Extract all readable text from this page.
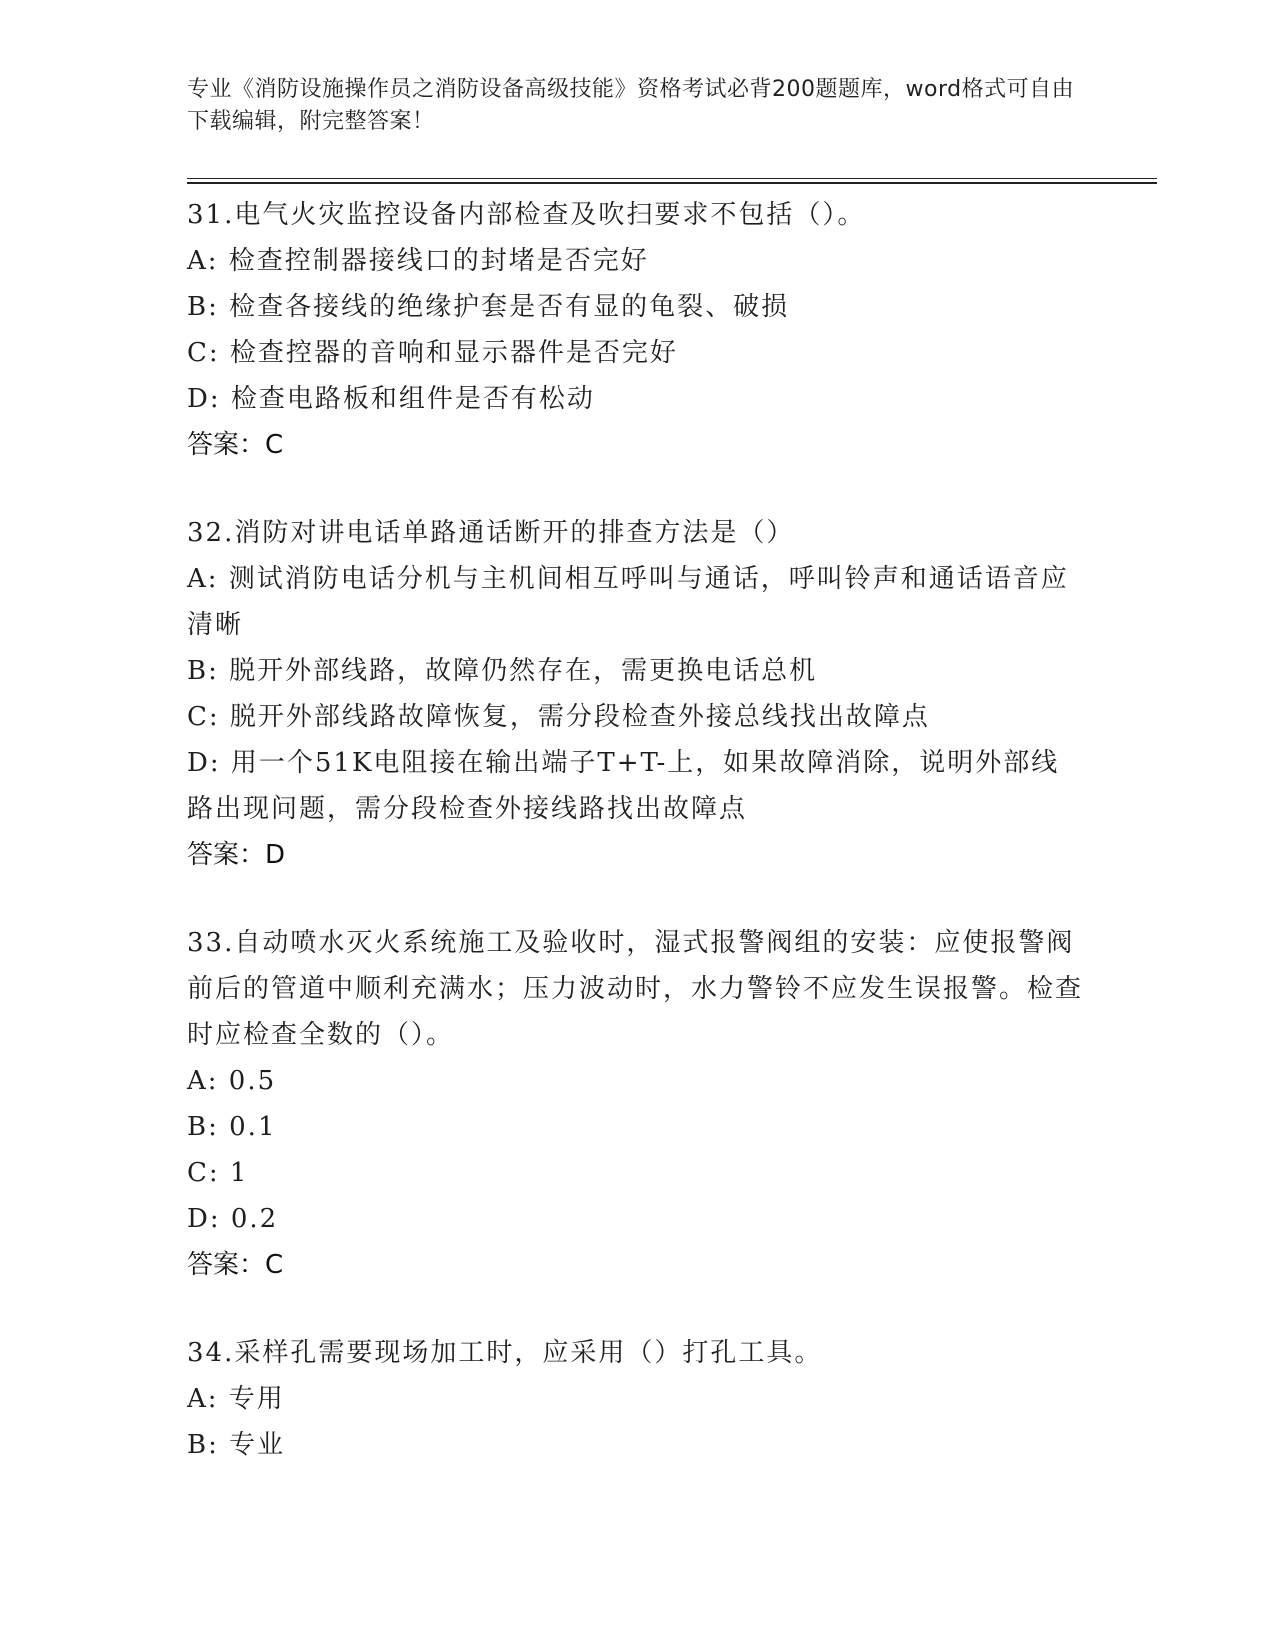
专业《消防设施操作员之消防设备高级技能》资格考试必背200题题库，word格式可自由下载编辑，附完整答案！
31.电气火灾监控设备内部检查及吹扫要求不包括（）。
A: 检查控制器接线口的封堵是否完好
B: 检查各接线的绝缘护套是否有显的龟裂、破损
C: 检查控器的音响和显示器件是否完好
D: 检查电路板和组件是否有松动
答案：C
32.消防对讲电话单路通话断开的排查方法是（）
A: 测试消防电话分机与主机间相互呼叫与通话，呼叫铃声和通话语音应清晰
B: 脱开外部线路，故障仍然存在，需更换电话总机
C: 脱开外部线路故障恢复，需分段检查外接总线找出故障点
D: 用一个51K电阻接在输出端子T+T-上，如果故障消除，说明外部线路出现问题，需分段检查外接线路找出故障点
答案：D
33.自动喷水灭火系统施工及验收时，湿式报警阀组的安装：应使报警阀前后的管道中顺利充满水；压力波动时，水力警铃不应发生误报警。检查时应检查全数的（）。
A: 0.5
B: 0.1
C: 1
D: 0.2
答案：C
34.采样孔需要现场加工时，应采用（）打孔工具。
A: 专用
B: 专业
